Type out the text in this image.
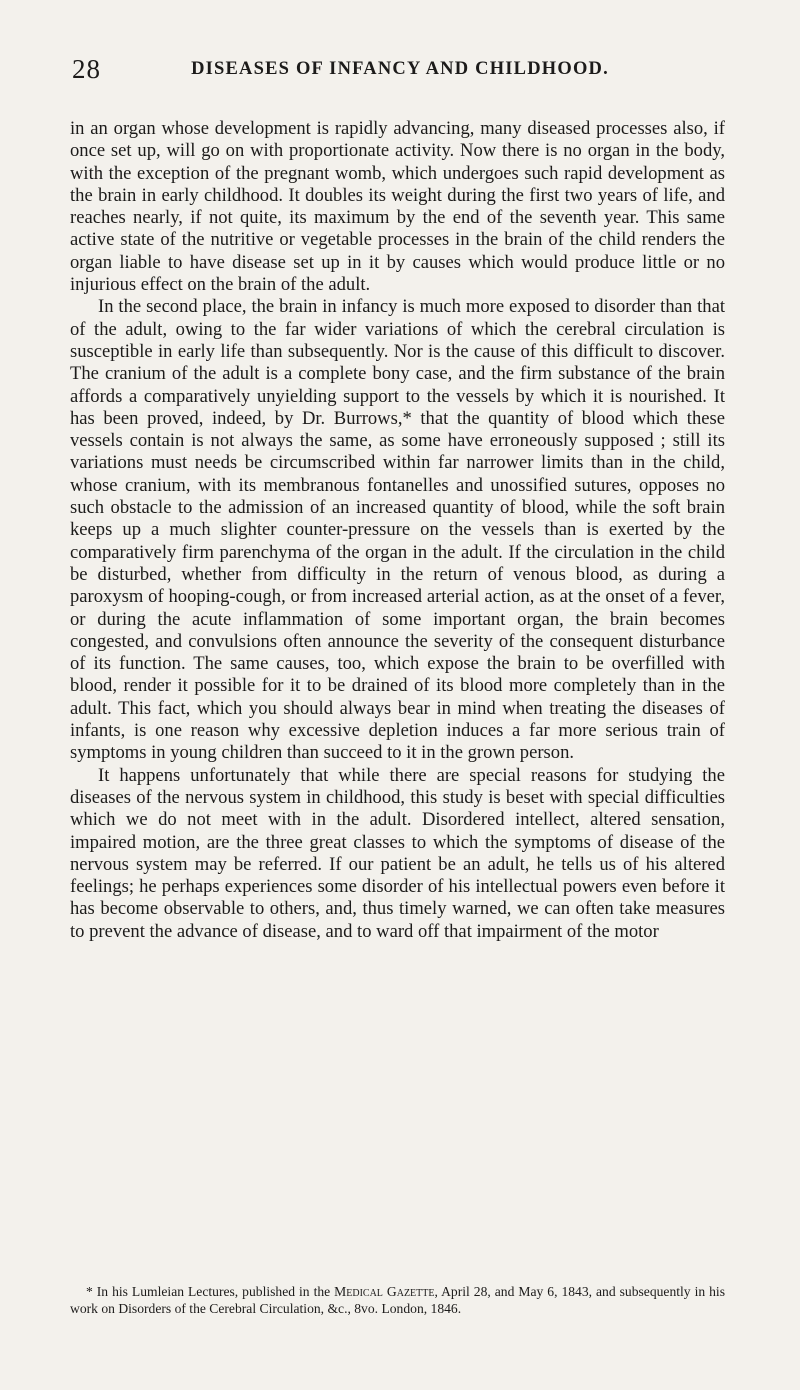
28	DISEASES OF INFANCY AND CHILDHOOD.

in an organ whose development is rapidly advancing, many diseased processes also, if once set up, will go on with proportionate activity. Now there is no organ in the body, with the exception of the pregnant womb, which undergoes such rapid development as the brain in early childhood. It doubles its weight during the first two years of life, and reaches nearly, if not quite, its maximum by the end of the seventh year. This same active state of the nutritive or vegetable processes in the brain of the child renders the organ liable to have disease set up in it by causes which would produce little or no injurious effect on the brain of the adult.

In the second place, the brain in infancy is much more exposed to disorder than that of the adult, owing to the far wider variations of which the cerebral circulation is susceptible in early life than subsequently. Nor is the cause of this difficult to discover. The cranium of the adult is a complete bony case, and the firm substance of the brain affords a comparatively unyielding support to the vessels by which it is nourished. It has been proved, indeed, by Dr. Burrows,* that the quantity of blood which these vessels contain is not always the same, as some have erroneously supposed ; still its variations must needs be circumscribed within far narrower limits than in the child, whose cranium, with its membranous fontanelles and unossified sutures, opposes no such obstacle to the admission of an increased quantity of blood, while the soft brain keeps up a much slighter counter-pressure on the vessels than is exerted by the comparatively firm parenchyma of the organ in the adult. If the circulation in the child be disturbed, whether from difficulty in the return of venous blood, as during a paroxysm of hooping-cough, or from increased arterial action, as at the onset of a fever, or during the acute inflammation of some important organ, the brain becomes congested, and convulsions often announce the severity of the consequent disturbance of its function. The same causes, too, which expose the brain to be overfilled with blood, render it possible for it to be drained of its blood more completely than in the adult. This fact, which you should always bear in mind when treating the diseases of infants, is one reason why excessive depletion induces a far more serious train of symptoms in young children than succeed to it in the grown person.

It happens unfortunately that while there are special reasons for studying the diseases of the nervous system in childhood, this study is beset with special difficulties which we do not meet with in the adult. Disordered intellect, altered sensation, impaired motion, are the three great classes to which the symptoms of disease of the nervous system may be referred. If our patient be an adult, he tells us of his altered feelings; he perhaps experiences some disorder of his intellectual powers even before it has become observable to others, and, thus timely warned, we can often take measures to prevent the advance of disease, and to ward off that impairment of the motor

* In his Lumleian Lectures, published in the Medical Gazette, April 28, and May 6, 1843, and subsequently in his work on Disorders of the Cerebral Circulation, &c., 8vo. London, 1846.
